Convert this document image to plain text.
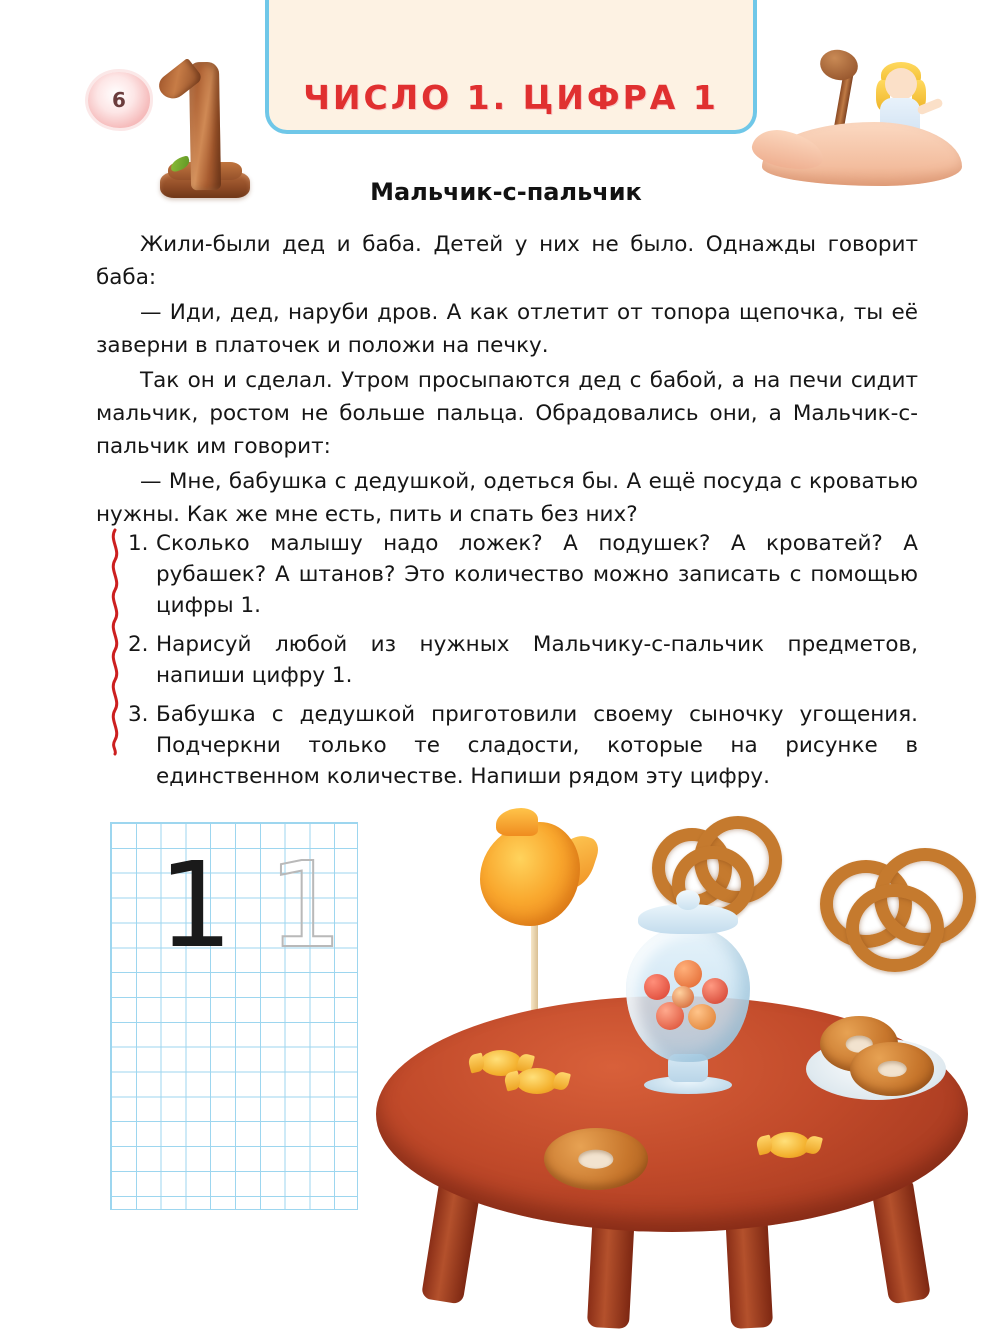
6	ЧИСЛО 1. ЦИФРА 1
Мальчик-с-пальчик

Жили-были дед и баба. Детей у них не было. Однажды говорит баба:

— Иди, дед, наруби дров. А как отлетит от топора щепочка, ты её заверни в платочек и положи на печку.

Так он и сделал. Утром просыпаются дед с бабой, а на печи сидит мальчик, ростом не больше пальца. Обрадовались они, а Мальчик-с-пальчик им говорит:

— Мне, бабушка с дедушкой, одеться бы. А ещё посуда с кроватью нужны. Как же мне есть, пить и спать без них?

1. Сколько малышу надо ложек? А подушек? А кроватей? А рубашек? А штанов? Это количество можно записать с помощью цифры 1.
2. Нарисуй любой из нужных Мальчику-с-пальчик предметов, напиши цифру 1.
3. Бабушка с дедушкой приготовили своему сыночку угощения. Подчеркни только те сладости, которые на рисунке в единственном количестве. Напиши рядом эту цифру.
1 1
